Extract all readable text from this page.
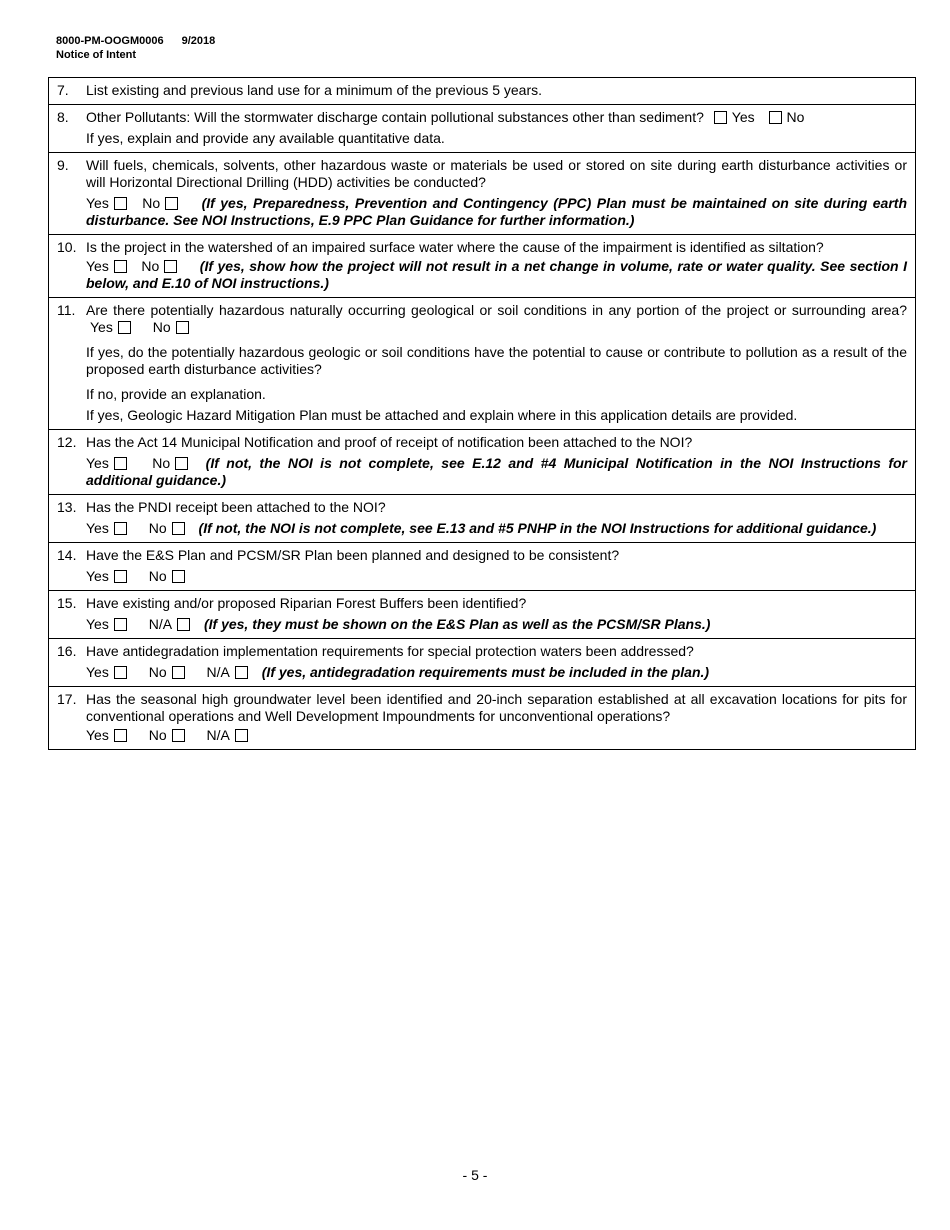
8000-PM-OOGM0006 9/2018
Notice of Intent
7.	List existing and previous land use for a minimum of the previous 5 years.
8.	Other Pollutants: Will the stormwater discharge contain pollutional substances other than sediment? Yes No
If yes, explain and provide any available quantitative data.
9.	Will fuels, chemicals, solvents, other hazardous waste or materials be used or stored on site during earth disturbance activities or will Horizontal Directional Drilling (HDD) activities be conducted?
Yes No	(If yes, Preparedness, Prevention and Contingency (PPC) Plan must be maintained on site during earth disturbance. See NOI Instructions, E.9 PPC Plan Guidance for further information.)
10. Is the project in the watershed of an impaired surface water where the cause of the impairment is identified as siltation?
Yes No	(If yes, show how the project will not result in a net change in volume, rate or water quality. See section I below, and E.10 of NOI instructions.)
11. Are there potentially hazardous naturally occurring geological or soil conditions in any portion of the project or surrounding area? Yes	No
If yes, do the potentially hazardous geologic or soil conditions have the potential to cause or contribute to pollution as a result of the proposed earth disturbance activities?
If no, provide an explanation.
If yes, Geologic Hazard Mitigation Plan must be attached and explain where in this application details are provided.
12. Has the Act 14 Municipal Notification and proof of receipt of notification been attached to the NOI?
Yes	No	(If not, the NOI is not complete, see E.12 and #4 Municipal Notification in the NOI Instructions for additional guidance.)
13. Has the PNDI receipt been attached to the NOI?
Yes	No (If not, the NOI is not complete, see E.13 and #5 PNHP in the NOI Instructions for additional guidance.)
14. Have the E&S Plan and PCSM/SR Plan been planned and designed to be consistent?
Yes	No
15. Have existing and/or proposed Riparian Forest Buffers been identified?
Yes	N/A (If yes, they must be shown on the E&S Plan as well as the PCSM/SR Plans.)
16. Have antidegradation implementation requirements for special protection waters been addressed?
Yes	No	N/A (If yes, antidegradation requirements must be included in the plan.)
17. Has the seasonal high groundwater level been identified and 20-inch separation established at all excavation locations for pits for conventional operations and Well Development Impoundments for unconventional operations?
Yes	No	N/A
- 5 -
